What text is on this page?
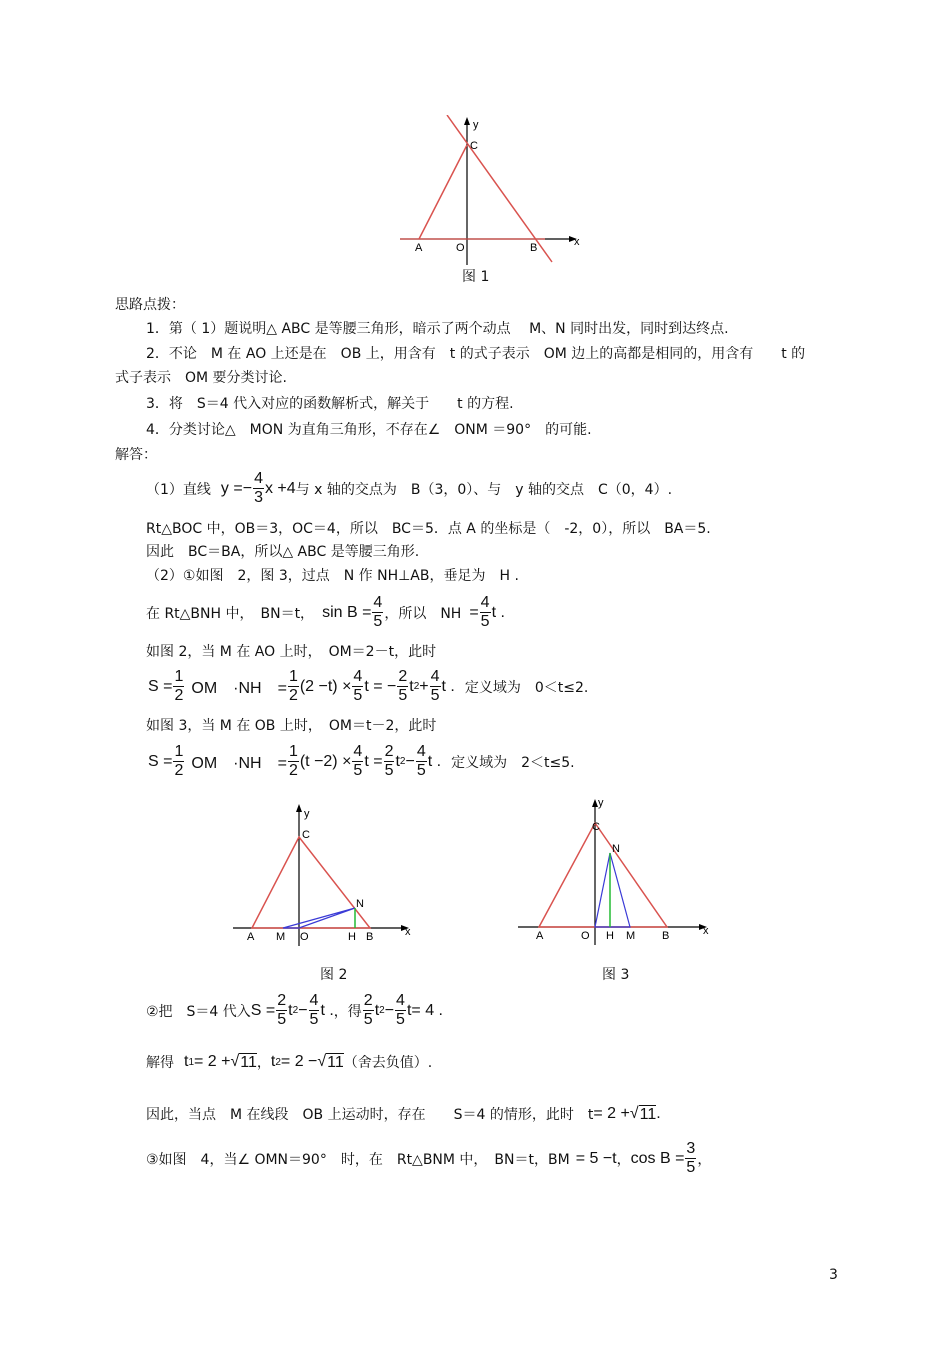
A	O	B
C
x
y
图 1
思路点拨：
1．第（ 1）题说明△ ABC 是等腰三角形，暗示了两个动点　 M、N 同时出发，同时到达终点.
2．不论　M 在 AO 上还是在　OB 上，用含有　t 的式子表示　OM 边上的高都是相同的，用含有　　t 的
式子表示　OM 要分类讨论.
3．将　S＝4 代入对应的函数解析式，解关于　　t 的方程.
4．分类讨论△　MON 为直角三角形，不存在∠　ONM ＝90°　的可能.
解答：
（1）直线 $y =- \frac{4}{3}$ x +4 与 x 轴的交点为　B（3，0）、与　y 轴的交点　C（0，4）.
Rt△BOC 中，OB＝3，OC＝4，所以　BC＝5．点 A 的坐标是（　-2，0），所以　BA＝5.
因此　BC＝BA，所以△ ABC 是等腰三角形.
（2）①如图　2，图 3，过点　N 作 NH⊥AB，垂足为　H .
在 Rt△BNH 中，　BN＝t， $\sin B = \frac{4}{5}$ ，所以　NH = $\frac{4}{5}$ t .
如图 2，当 M 在 AO 上时，　OM＝2－t，此时
$S = \frac{1}{2}$ OM　·NH　= $\frac{1}{2} (2 -t) \times \frac{4}{5}$ t = − $\frac{2}{5}$ t $2 + \frac{4}{5}$ t . 定义域为　0＜t≤2.
如图 3，当 M 在 OB 上时，　OM＝t－2，此时
$S = \frac{1}{2}$ OM　·NH　= $\frac{1}{2} (t -2) \times \frac{4}{5}$ $t = \frac{2}{5}$ t $2 - \frac{4}{5}$ t . 定义域为　2＜t≤5.
A M O	H B
C
N
x
y
图 2
A	O H M B
C
N
x
y
图 3
②把　S＝4 代入 $S = \frac{2}{5}$ t $2 - \frac{4}{5}$ t . ，得 $\frac{2}{5}$ t $2 - \frac{4}{5}$ t = 4 .
解得 t 1 = 2 + √ 11 ， t 2 = 2 − √ 11 （舍去负值）.
因此，当点　M 在线段　OB 上运动时，存在　　S＝4 的情形，此时　t = 2 + √ 11 .
③如图　4，当∠ OMN＝90°　时，在　Rt△BNM 中，　BN＝t，BM = 5 −t ， $\cos B = \frac{3}{5}$ ，
3
